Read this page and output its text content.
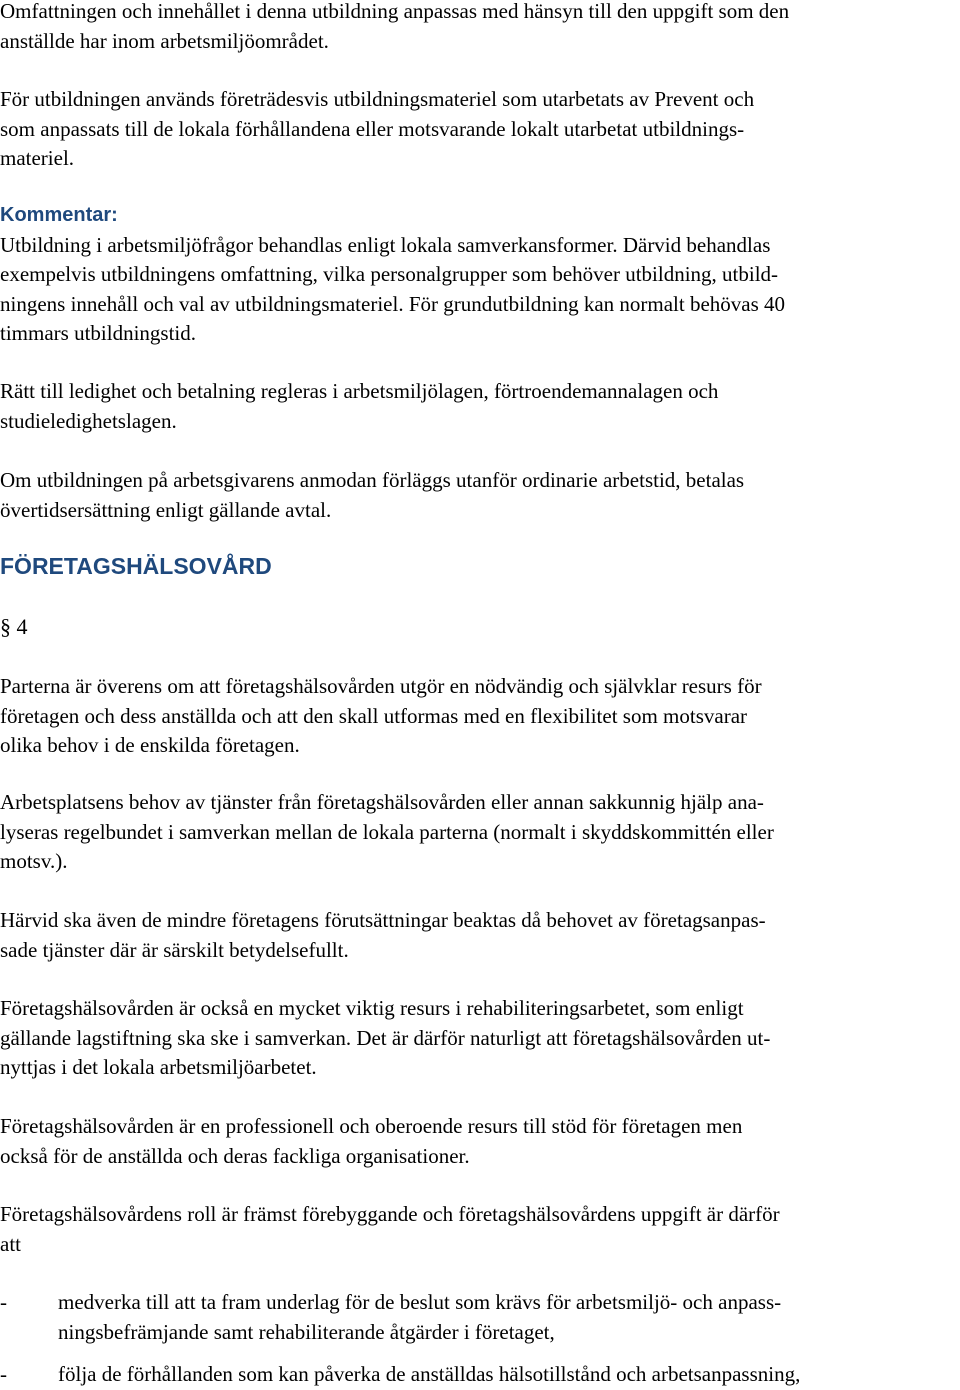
Omfattningen och innehållet i denna utbildning anpassas med hänsyn till den uppgift som den
anställde har inom arbetsmiljöområdet.

För utbildningen används företrädesvis utbildningsmateriel som utarbetats av Prevent och
som anpassats till de lokala förhållandena eller motsvarande lokalt utarbetat utbildnings-
materiel.

Kommentar:
Utbildning i arbetsmiljöfrågor behandlas enligt lokala samverkansformer. Därvid behandlas
exempelvis utbildningens omfattning, vilka personalgrupper som behöver utbildning, utbild-
ningens innehåll och val av utbildningsmateriel. För grundutbildning kan normalt behövas 40
timmars utbildningstid.

Rätt till ledighet och betalning regleras i arbetsmiljölagen, förtroendemannalagen och
studieledighetslagen.

Om utbildningen på arbetsgivarens anmodan förläggs utanför ordinarie arbetstid, betalas
övertidsersättning enligt gällande avtal.

FÖRETAGSHÄLSOVÅRD

§ 4

Parterna är överens om att företagshälsovården utgör en nödvändig och självklar resurs för
företagen och dess anställda och att den skall utformas med en flexibilitet som motsvarar
olika behov i de enskilda företagen.

Arbetsplatsens behov av tjänster från företagshälsovården eller annan sakkunnig hjälp ana-
lyseras regelbundet i samverkan mellan de lokala parterna (normalt i skyddskommittén eller
motsv.).

Härvid ska även de mindre företagens förutsättningar beaktas då behovet av företagsanpas-
sade tjänster där är särskilt betydelsefullt.

Företagshälsovården är också en mycket viktig resurs i rehabiliteringsarbetet, som enligt
gällande lagstiftning ska ske i samverkan. Det är därför naturligt att företagshälsovården ut-
nyttjas i det lokala arbetsmiljöarbetet.

Företagshälsovården är en professionell och oberoende resurs till stöd för företagen men
också för de anställda och deras fackliga organisationer.

Företagshälsovårdens roll är främst förebyggande och företagshälsovårdens uppgift är därför
att

- medverka till att ta fram underlag för de beslut som krävs för arbetsmiljö- och anpass-
ningsbefrämjande samt rehabiliterande åtgärder i företaget,
- följa de förhållanden som kan påverka de anställdas hälsotillstånd och arbetsanpassning,
